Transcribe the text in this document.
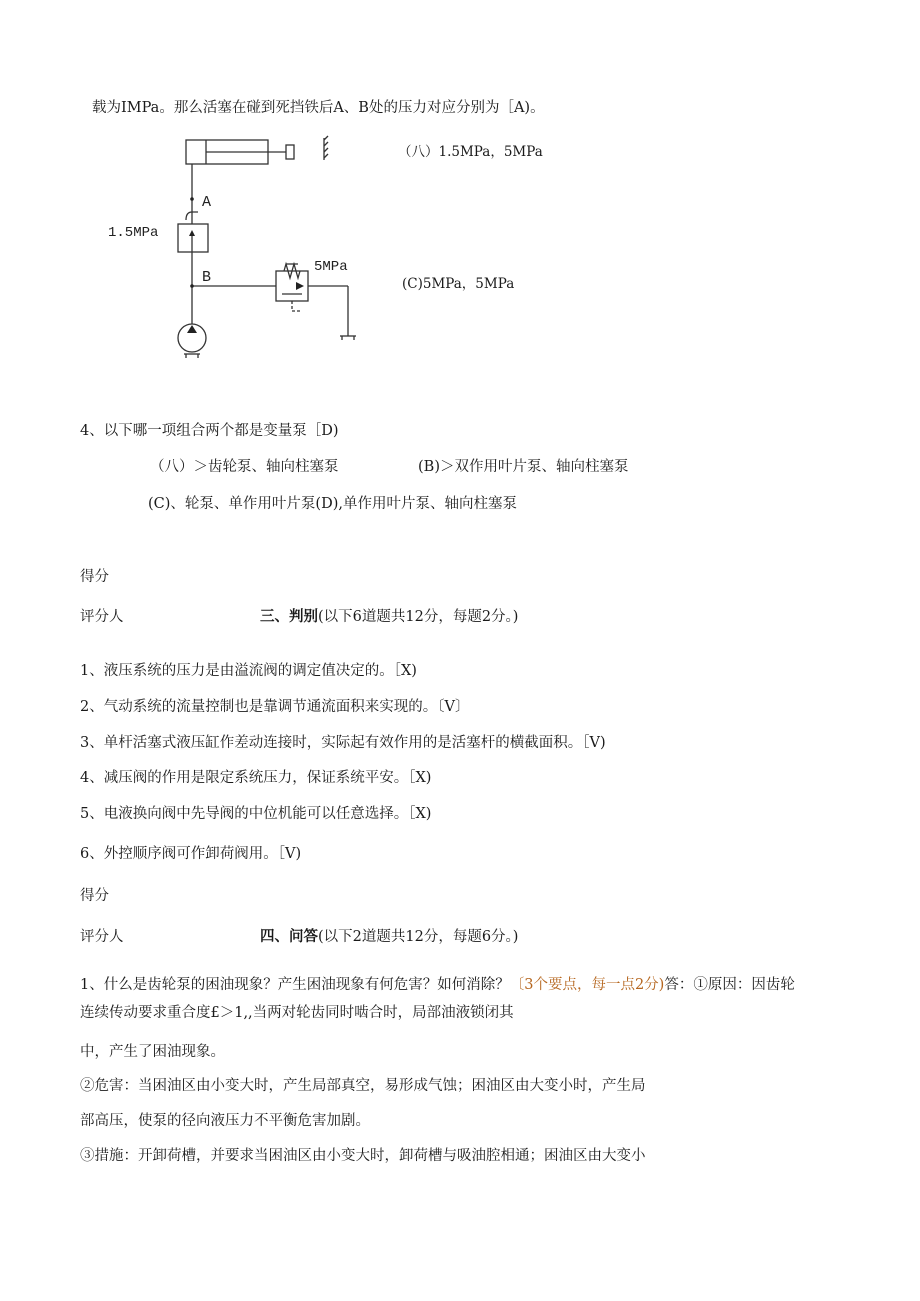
载为IMPa。那么活塞在碰到死挡铁后A、B处的压力对应分别为［A)。
A
B
1.5MPa
5MPa
（八）1.5MPa，5MPa
(C)5MPa，5MPa
4、以下哪一项组合两个都是变量泵［D)
（八）＞齿轮泵、轴向柱塞泵	(B)＞双作用叶片泵、轴向柱塞泵
(C)、轮泵、单作用叶片泵(D),单作用叶片泵、轴向柱塞泵
得分
评分人	三、判别(以下6道题共12分，每题2分。)
1、液压系统的压力是由溢流阀的调定值决定的。［X)
2、气动系统的流量控制也是靠调节通流面积来实现的。〔V〕
3、单杆活塞式液压缸作差动连接时，实际起有效作用的是活塞杆的横截面积。［V)
4、减压阀的作用是限定系统压力，保证系统平安。［X)
5、电液换向阀中先导阀的中位机能可以任意选择。［X)
6、外控顺序阀可作卸荷阀用。［V)
得分
评分人	四、问答(以下2道题共12分，每题6分。)
1、什么是齿轮泵的困油现象？产生困油现象有何危害？如何消除？〔3个要点，每一点2分)答：①原因：因齿轮
连续传动要求重合度£＞1,,当两对轮齿同时啮合时，局部油液锁闭其
中，产生了困油现象。
②危害：当困油区由小变大时，产生局部真空，易形成气蚀；困油区由大变小时，产生局
部高压，使泵的径向液压力不平衡危害加剧。
③措施：开卸荷槽，并要求当困油区由小变大时，卸荷槽与吸油腔相通；困油区由大变小
